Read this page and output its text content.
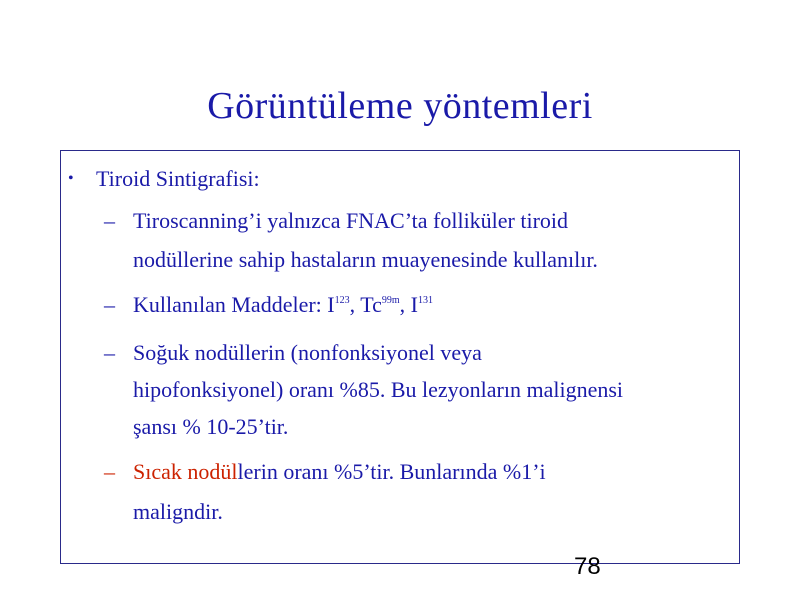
Görüntüleme yöntemleri
• Tiroid Sintigrafisi:
– Tiroscanning’i yalnızca FNAC’ta folliküler tiroid
nodüllerine sahip hastaların muayenesinde kullanılır.
– Kullanılan Maddeler: $I^{123}$, $Tc^{99m}$, $I^{131}$
– Soğuk nodüllerin (nonfonksiyonel veya
hipofonksiyonel) oranı %85. Bu lezyonların malignensi
şansı % 10-25’tir.
– Sıcak nodüllerin oranı %5’tir. Bunlarında %1’i
maligndir.
78
